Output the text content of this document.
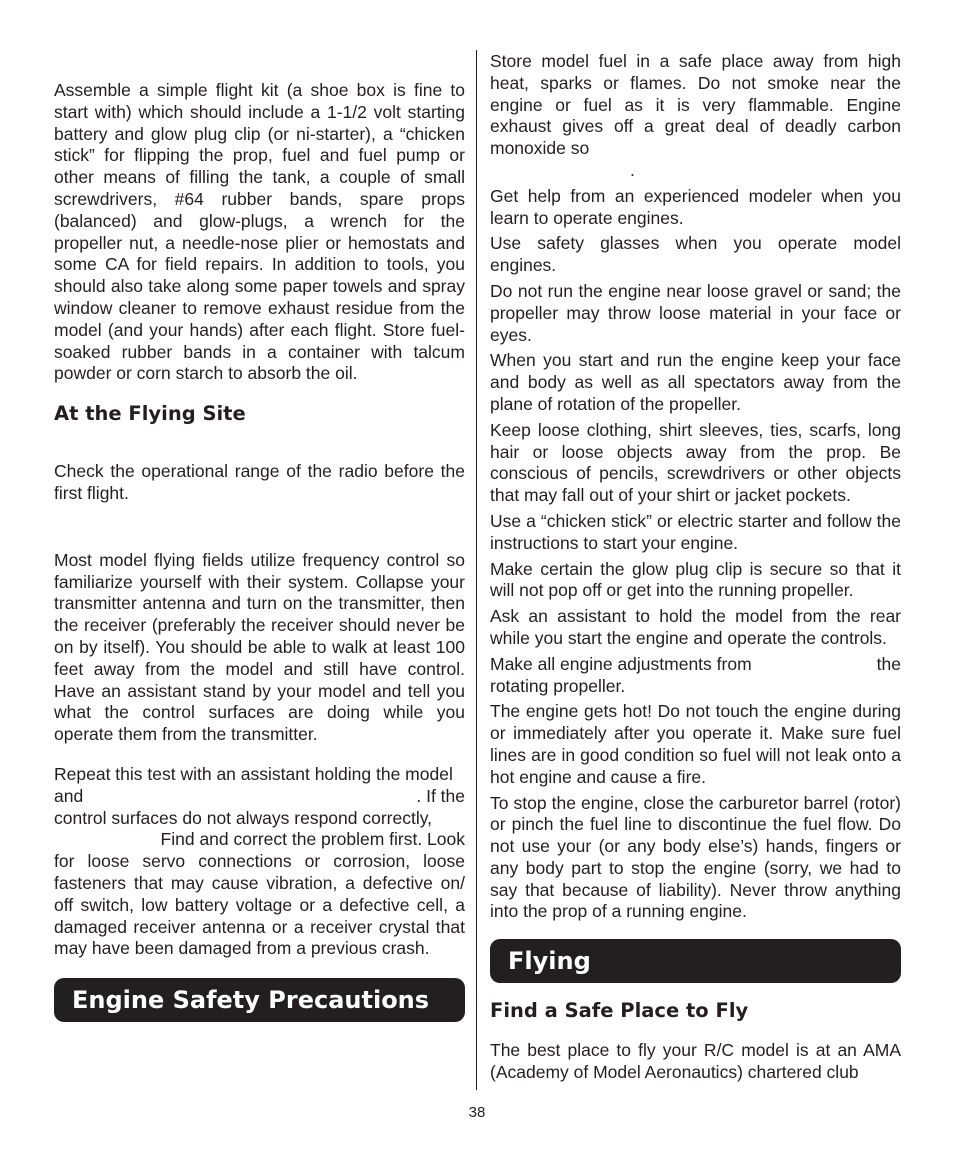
Assemble a simple flight kit (a shoe box is fine to start with) which should include a 1-1/2 volt starting battery and glow plug clip (or ni-starter), a “chicken stick” for flipping the prop, fuel and fuel pump or other means of filling the tank, a couple of small screwdrivers, #64 rubber bands, spare props (balanced) and glow-plugs, a wrench for the propeller nut, a needle-nose plier or hemostats and some CA for field repairs. In addition to tools, you should also take along some paper towels and spray window cleaner to remove exhaust residue from the model (and your hands) after each flight. Store fuel-soaked rubber bands in a container with talcum powder or corn starch to absorb the oil.

At the Flying Site

Check the operational range of the radio before the first flight.

Most model flying fields utilize frequency control so familiarize yourself with their system. Collapse your transmitter antenna and turn on the transmitter, then the receiver (preferably the receiver should never be on by itself). You should be able to walk at least 100 feet away from the model and still have control. Have an assistant stand by your model and tell you what the control surfaces are doing while you operate them from the transmitter.

Repeat this test with an assistant holding the model
and	. If the
control surfaces do not always respond correctly,
Find and correct the problem first. Look

for loose servo connections or corrosion, loose fasteners that may cause vibration, a defective on/ off switch, low battery voltage or a defective cell, a damaged receiver antenna or a receiver crystal that may have been damaged from a previous crash.

Engine Safety Precautions

Store model fuel in a safe place away from high heat, sparks or flames. Do not smoke near the engine or fuel as it is very flammable. Engine exhaust gives off a great deal of deadly carbon monoxide so

.

Get help from an experienced modeler when you learn to operate engines.

Use safety glasses when you operate model engines.

Do not run the engine near loose gravel or sand; the propeller may throw loose material in your face or eyes.

When you start and run the engine keep your face and body as well as all spectators away from the plane of rotation of the propeller.

Keep loose clothing, shirt sleeves, ties, scarfs, long hair or loose objects away from the prop. Be conscious of pencils, screwdrivers or other objects that may fall out of your shirt or jacket pockets.

Use a “chicken stick” or electric starter and follow the instructions to start your engine.

Make certain the glow plug clip is secure so that it will not pop off or get into the running propeller.

Ask an assistant to hold the model from the rear while you start the engine and operate the controls.

Make all engine adjustments from	the

rotating propeller.

The engine gets hot! Do not touch the engine during or immediately after you operate it. Make sure fuel lines are in good condition so fuel will not leak onto a hot engine and cause a fire.

To stop the engine, close the carburetor barrel (rotor) or pinch the fuel line to discontinue the fuel flow. Do not use your (or any body else’s) hands, fingers or any body part to stop the engine (sorry, we had to say that because of liability). Never throw anything into the prop of a running engine.

Flying
Find a Safe Place to Fly

The best place to fly your R/C model is at an AMA (Academy of Model Aeronautics) chartered club

38
